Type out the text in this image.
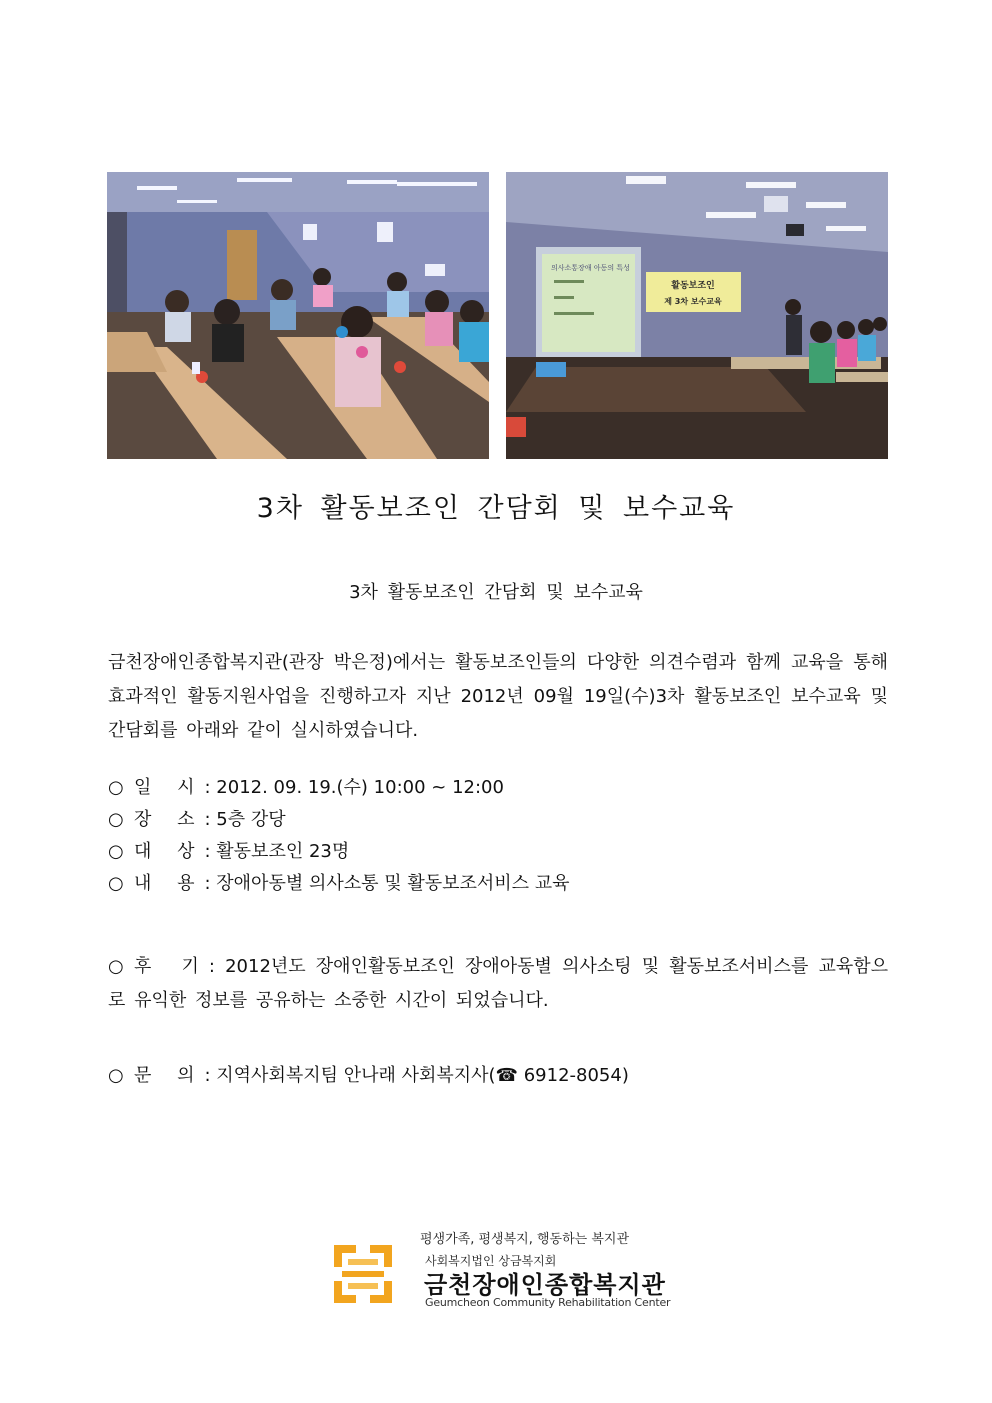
의사소통장애 아동의 특성
활동보조인
제 3차 보수교육
3차 활동보조인 간담회 및 보수교육
3차 활동보조인 간담회 및 보수교육
금천장애인종합복지관(관장 박은정)에서는 활동보조인들의 다양한 의견수렴과 함께 교육을 통해 효과적인 활동지원사업을 진행하고자 지난 2012년 09월 19일(수)3차 활동보조인 보수교육 및 간담회를 아래와 같이 실시하였습니다.
○ 일 시: 2012. 09. 19.(수) 10:00 ~ 12:00
○ 장 소: 5층 강당
○ 대 상: 활동보조인 23명
○ 내 용: 장애아동별 의사소통 및 활동보조서비스 교육
○ 후 기: 2012년도 장애인활동보조인 장애아동별 의사소팅 및 활동보조서비스를 교육함으로 유익한 정보를 공유하는 소중한 시간이 되었습니다.
○ 문 의: 지역사회복지팀 안나래 사회복지사(☎ 6912-8054)
평생가족, 평생복지, 행동하는 복지관
사회복지법인 상금복지회
금천장애인종합복지관
Geumcheon Community Rehabilitation Center
